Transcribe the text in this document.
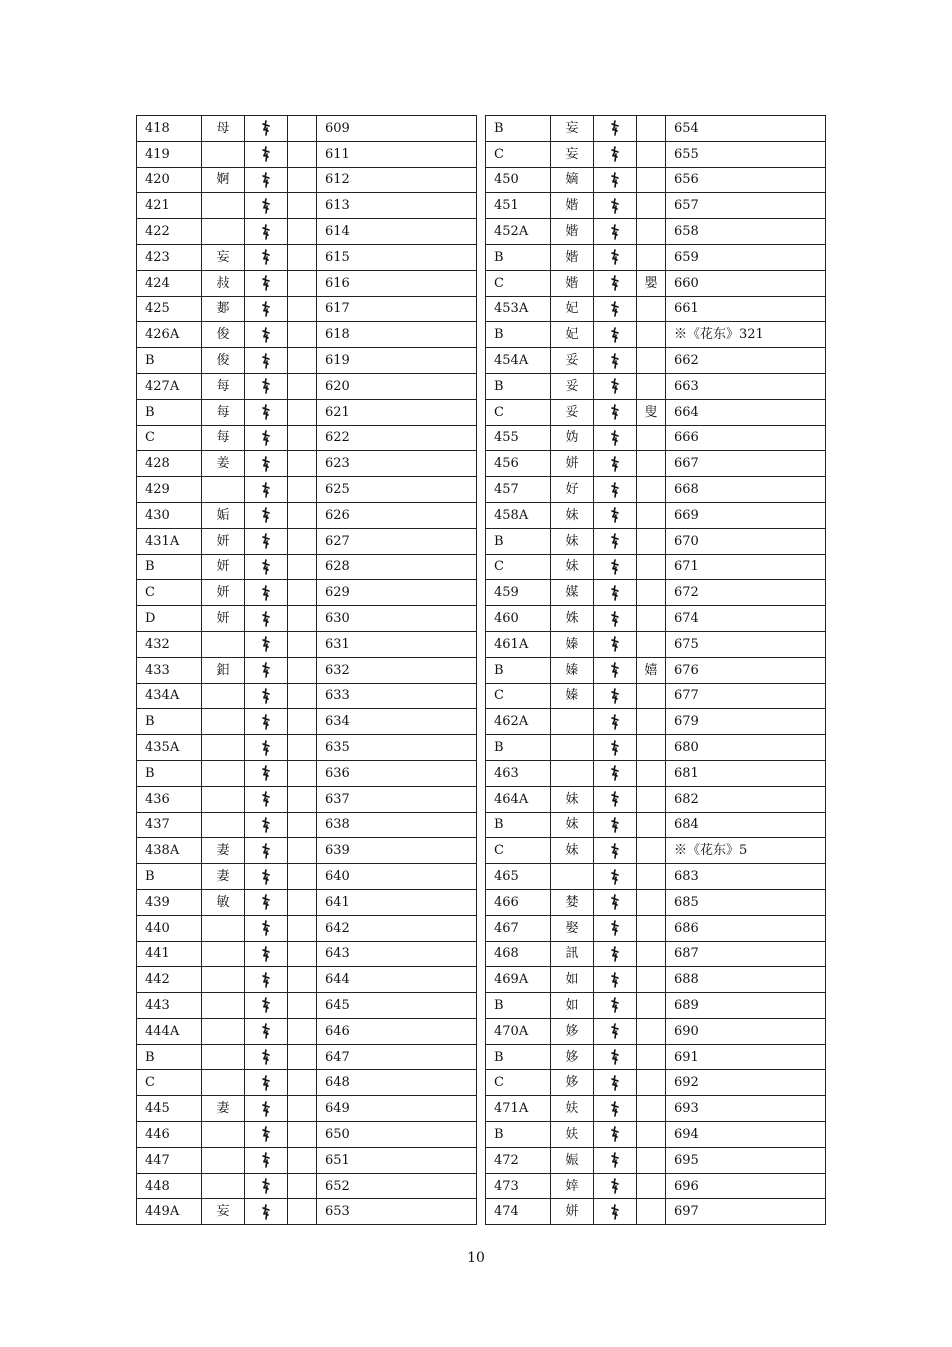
418	母			609
419				611
420	婀			612
421				613
422				614
423	妄			615
424	敊			616
425	郪			617
426A	俊			618
B	俊			619
427A	每			620
B	每			621
C	每			622
428	姜			623
429				625
430	姤			626
431A	妍			627
B	妍			628
C	妍			629
D	妍			630
432				631
433	鈤			632
434A				633
B				634
435A				635
B				636
436				637
437				638
438A	妻			639
B	妻			640
439	敏			641
440				642
441				643
442				644
443				645
444A				646
B				647
C				648
445	妻			649
446				650
447				651
448				652
449A	妄			653
B	妄			654
C	妄			655
450	嫡			656
451	媘			657
452A	媘			658
B	媘			659
C	媘		嬰	660
453A	妃			661
B	妃			※《花东》321
454A	妥			662
B	妥			663
C	妥		叟	664
455	妫			666
456	姘			667
457	好			668
458A	妹			669
B	妹			670
C	妹			671
459	媒			672
460	姝			674
461A	嫀			675
B	嫀		嬉	676
C	嫀			677
462A				679
B				680
463				681
464A	妹			682
B	妹			684
C	妹			※《花东》5
465				683
466	婪			685
467	娶			686
468	訊			687
469A	如			688
B	如			689
470A	姼			690
B	姼			691
C	姼			692
471A	妋			693
B	妋			694
472	娠			695
473	婞			696
474	姘			697
10
